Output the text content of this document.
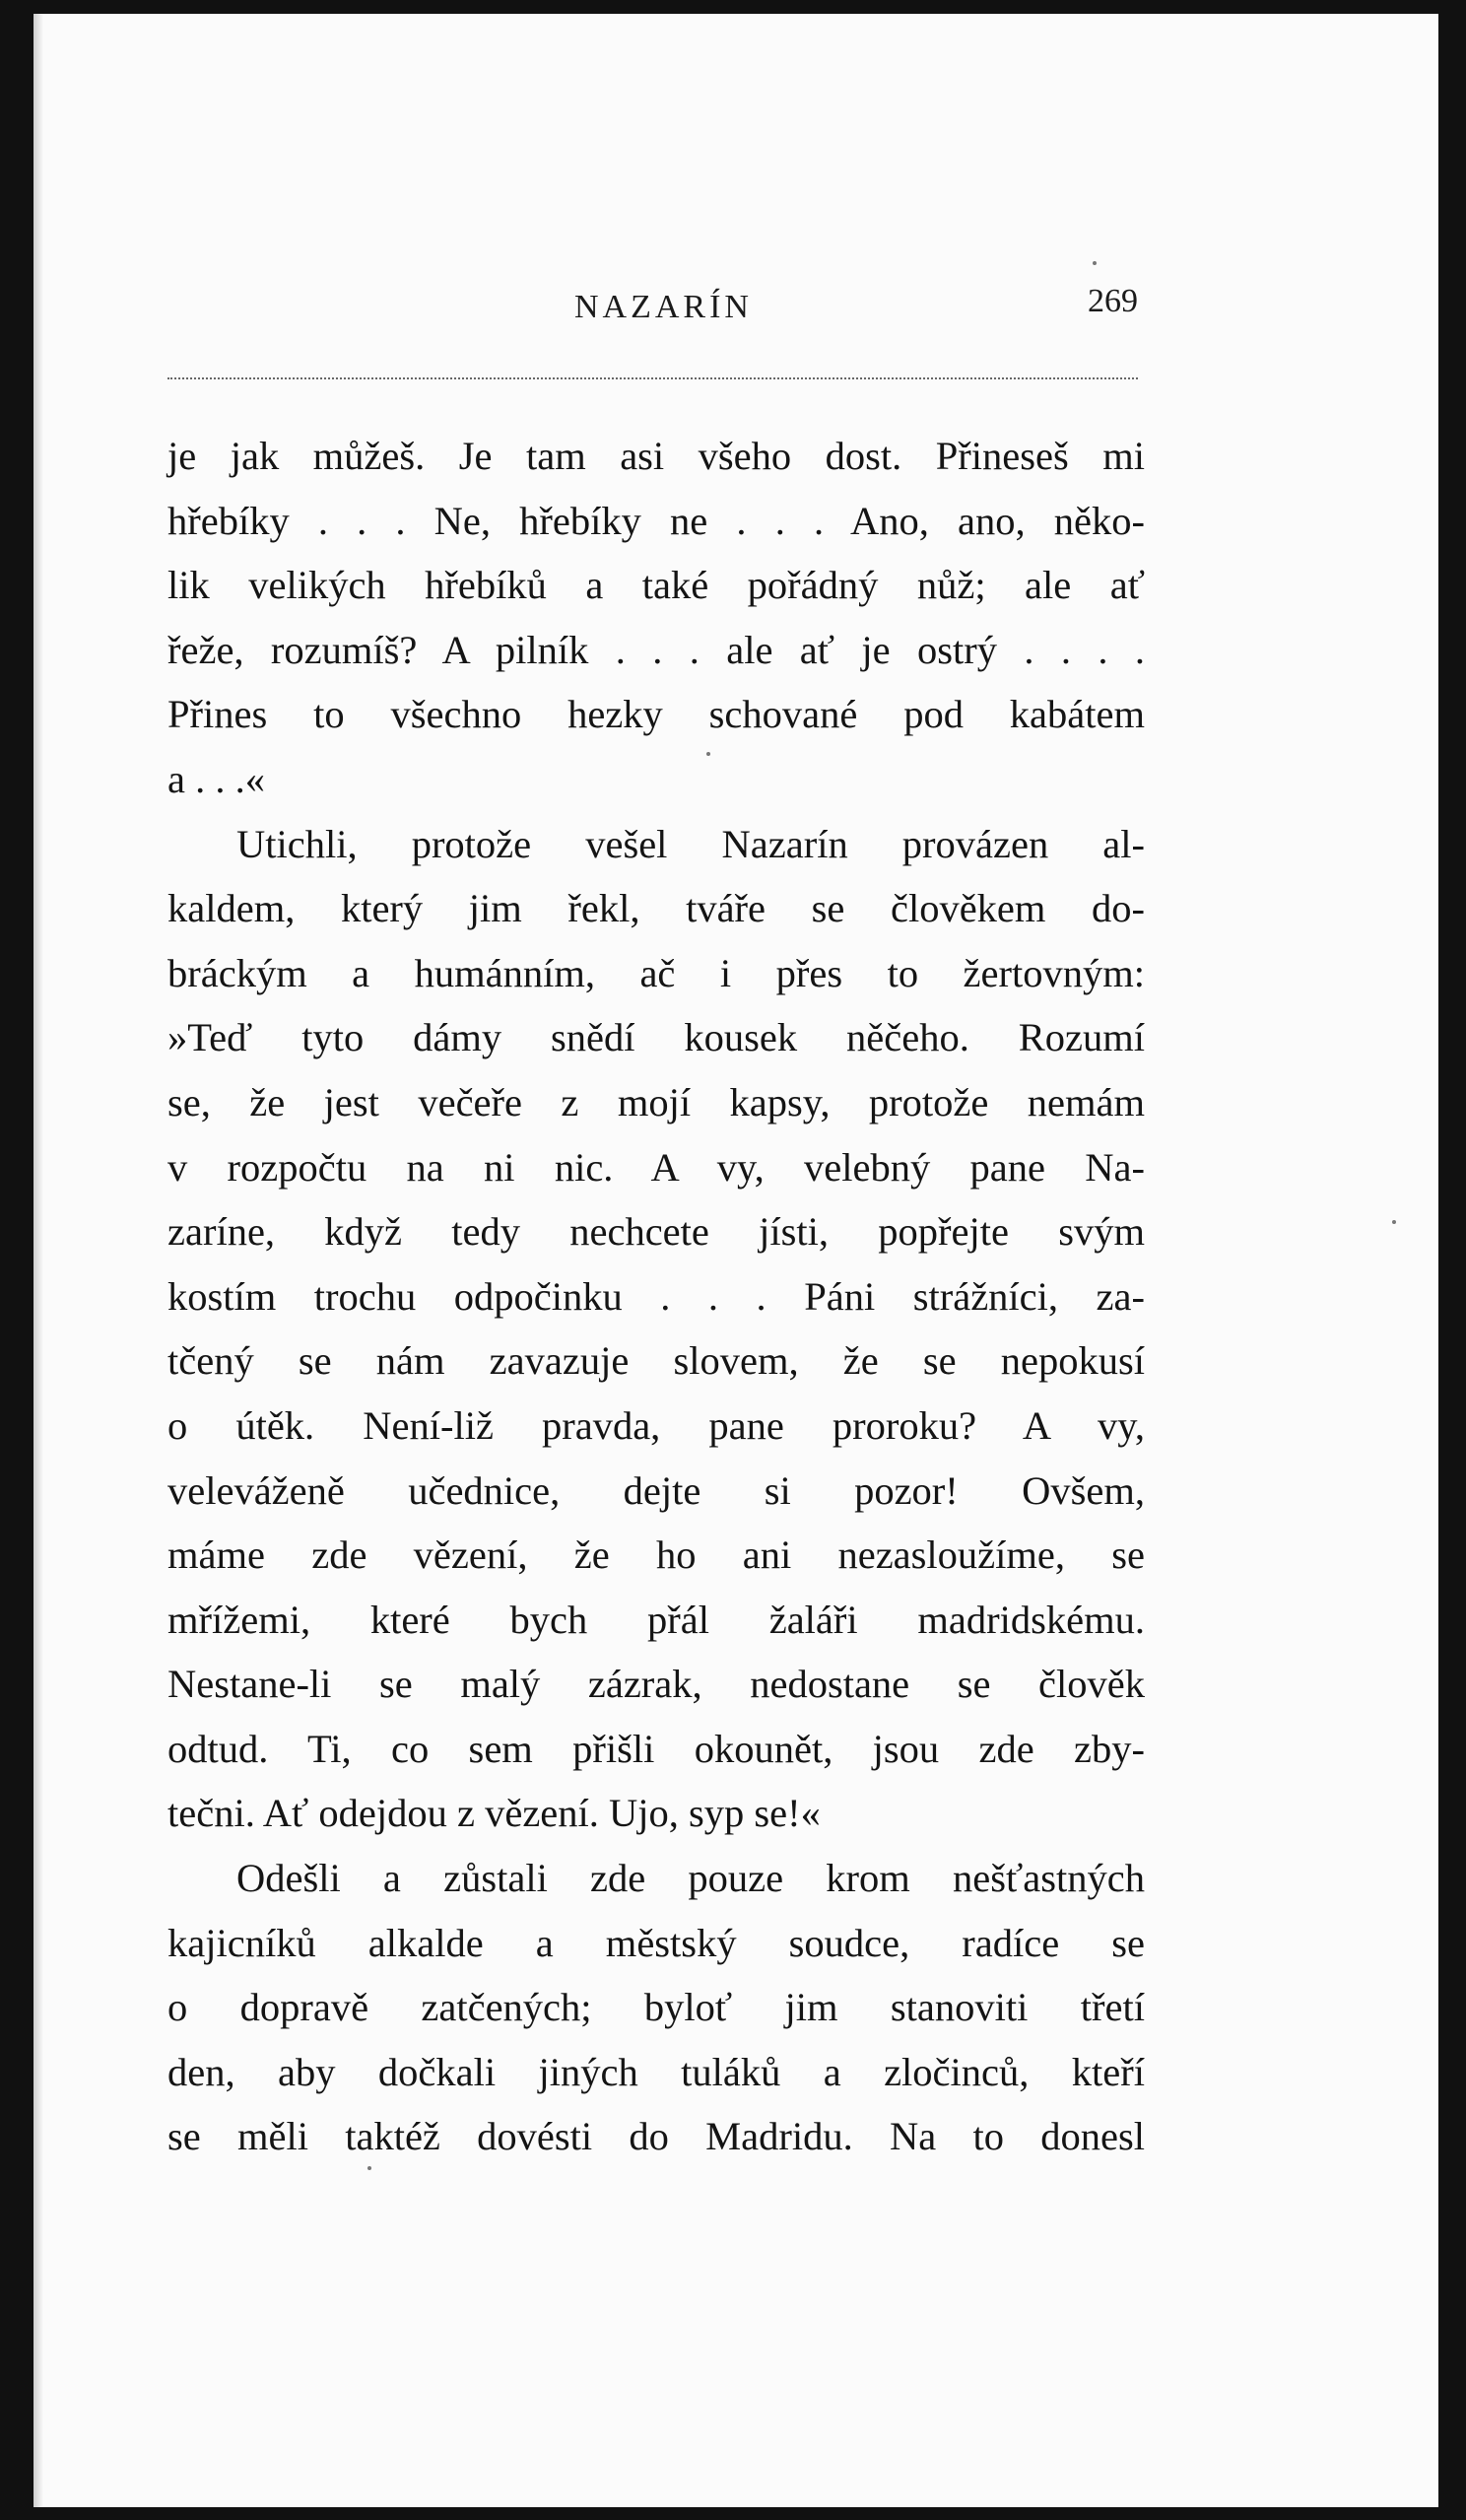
NAZARÍN	269
je jak můžeš. Je tam asi všeho dost. Přineseš mi
hřebíky . . . Ne, hřebíky ne . . . Ano, ano, něko-
lik velikých hřebíků a také pořádný nůž; ale ať
řeže, rozumíš? A pilník . . . ale ať je ostrý . . . .
Přines to všechno hezky schované pod kabátem
a . . .«
Utichli, protože vešel Nazarín provázen al-
kaldem, který jim řekl, tváře se člověkem do-
bráckým a humánním, ač i přes to žertovným:
»Teď tyto dámy snědí kousek něčeho. Rozumí
se, že jest večeře z mojí kapsy, protože nemám
v rozpočtu na ni nic. A vy, velebný pane Na-
zaríne, když tedy nechcete jísti, popřejte svým
kostím trochu odpočinku . . . Páni strážníci, za-
tčený se nám zavazuje slovem, že se nepokusí
o útěk. Není-liž pravda, pane proroku? A vy,
veleváženě učednice, dejte si pozor! Ovšem,
máme zde vězení, že ho ani nezasloužíme, se
mřížemi, které bych přál žaláři madridskému.
Nestane-li se malý zázrak, nedostane se člověk
odtud. Ti, co sem přišli okounět, jsou zde zby-
tečni. Ať odejdou z vězení. Ujo, syp se!«
Odešli a zůstali zde pouze krom nešťastných
kajicníků alkalde a městský soudce, radíce se
o dopravě zatčených; byloť jim stanoviti třetí
den, aby dočkali jiných tuláků a zločinců, kteří
se měli taktéž dovésti do Madridu. Na to donesl
